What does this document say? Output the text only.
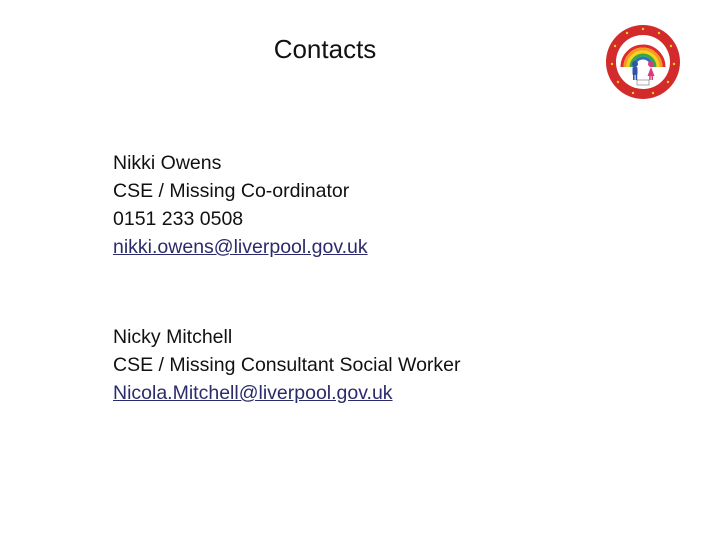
Contacts
Nikki Owens
CSE / Missing Co-ordinator
0151 233 0508
nikki.owens@liverpool.gov.uk
Nicky Mitchell
CSE / Missing Consultant Social Worker
Nicola.Mitchell@liverpool.gov.uk
